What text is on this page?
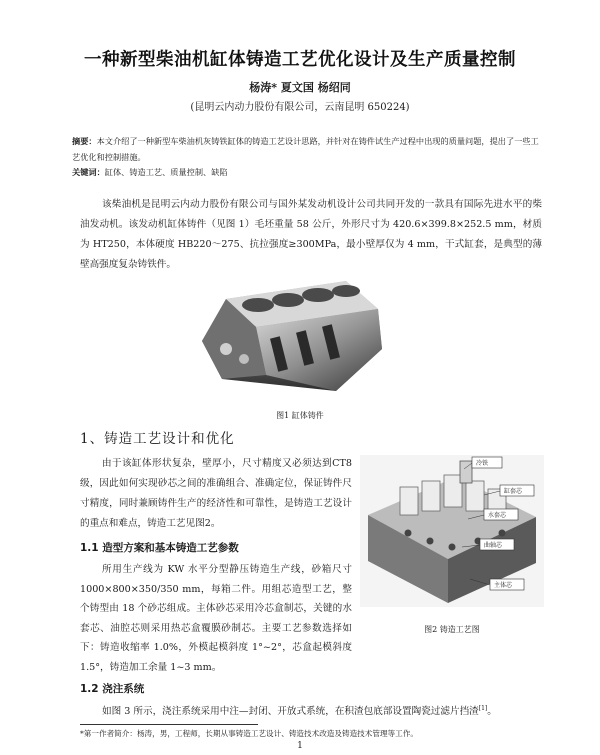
一种新型柴油机缸体铸造工艺优化设计及生产质量控制
杨涛* 夏文国 杨绍同
(昆明云内动力股份有限公司，云南昆明 650224)
摘要：本文介绍了一种新型车柴油机灰铸铁缸体的铸造工艺设计思路，并针对在铸件试生产过程中出现的质量问题，提出了一些工艺优化和控制措施。
关键词：缸体、铸造工艺、质量控制、缺陷
该柴油机是昆明云内动力股份有限公司与国外某发动机设计公司共同开发的一款具有国际先进水平的柴油发动机。该发动机缸体铸件（见图 1）毛坯重量 58 公斤，外形尺寸为 420.6×399.8×252.5 mm，材质为 HT250，本体硬度 HB220～275、抗拉强度≥300MPa，最小壁厚仅为 4 mm，干式缸套，是典型的薄壁高强度复杂铸铁件。
图1 缸体铸件
1、铸造工艺设计和优化
由于该缸体形状复杂，壁厚小，尺寸精度又必须达到CT8 级，因此如何实现砂芯之间的准确组合、准确定位，保证铸件尺寸精度，同时兼顾铸件生产的经济性和可靠性，是铸造工艺设计的重点和难点，铸造工艺见图2。
冷铁
缸套芯
水套芯
曲轴芯
主体芯
图2 铸造工艺图
1.1 造型方案和基本铸造工艺参数
所用生产线为 KW 水平分型静压铸造生产线，砂箱尺寸 1000×800×350/350 mm，每箱二件。用组芯造型工艺，整个铸型由 18 个砂芯组成。主体砂芯采用冷芯盒制芯，关键的水套芯、油腔芯则采用热芯盒覆膜砂制芯。主要工艺参数选择如下：铸造收缩率 1.0%，外模起模斜度 1°~2°，芯盒起模斜度 1.5°，铸造加工余量 1~3 mm。
1.2 浇注系统
如图 3 所示，浇注系统采用中注—封闭、开放式系统，在积渣包底部设置陶瓷过滤片挡渣[1]。
*第一作者简介：杨涛，男，工程师，长期从事铸造工艺设计、铸造技术改造及铸造技术管理等工作。
1
